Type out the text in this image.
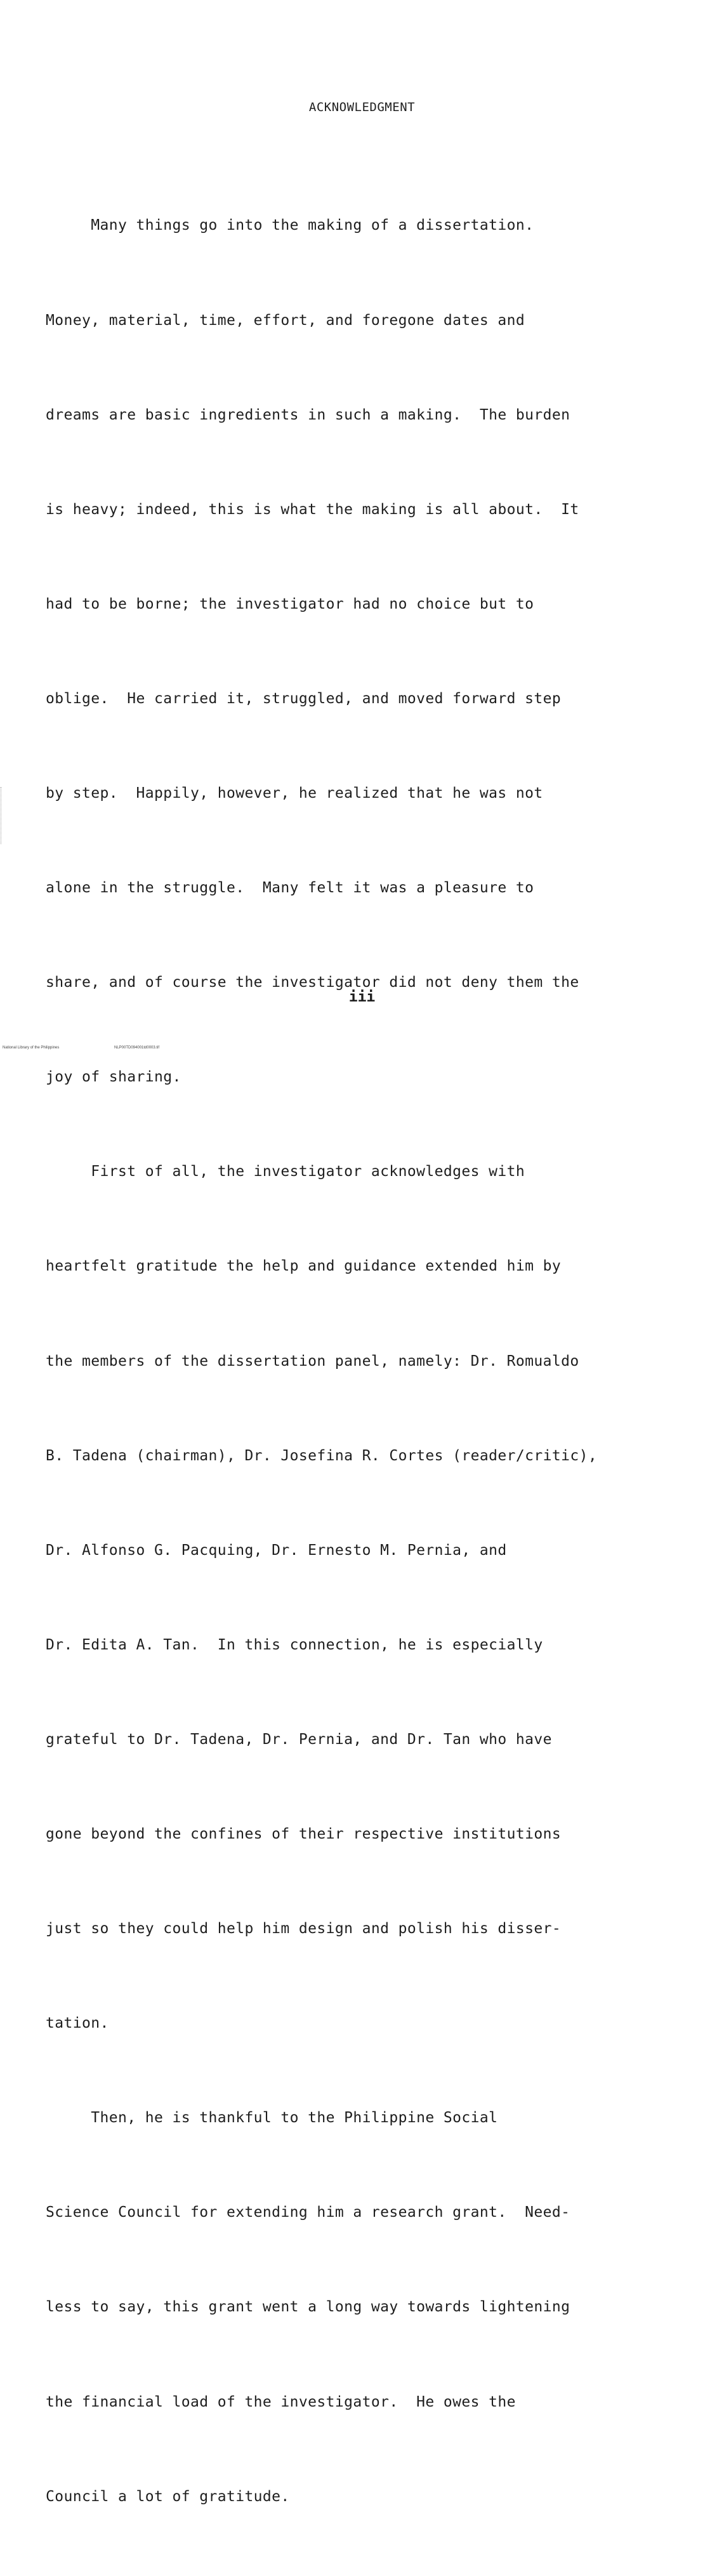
ACKNOWLEDGMENT

Many things go into the making of a dissertation.

Money, material, time, effort, and foregone dates and

dreams are basic ingredients in such a making.  The burden

is heavy; indeed, this is what the making is all about.  It

had to be borne; the investigator had no choice but to

oblige.  He carried it, struggled, and moved forward step

by step.  Happily, however, he realized that he was not

alone in the struggle.  Many felt it was a pleasure to

share, and of course the investigator did not deny them the

joy of sharing.

First of all, the investigator acknowledges with

heartfelt gratitude the help and guidance extended him by

the members of the dissertation panel, namely: Dr. Romualdo

B. Tadena (chairman), Dr. Josefina R. Cortes (reader/critic),

Dr. Alfonso G. Pacquing, Dr. Ernesto M. Pernia, and

Dr. Edita A. Tan.  In this connection, he is especially

grateful to Dr. Tadena, Dr. Pernia, and Dr. Tan who have

gone beyond the confines of their respective institutions

just so they could help him design and polish his disser-

tation.

Then, he is thankful to the Philippine Social

Science Council for extending him a research grant.  Need-

less to say, this grant went a long way towards lightening

the financial load of the investigator.  He owes the

Council a lot of gratitude.

iii
National Library of the Philippines	NLP00TD094001td0003.tif
